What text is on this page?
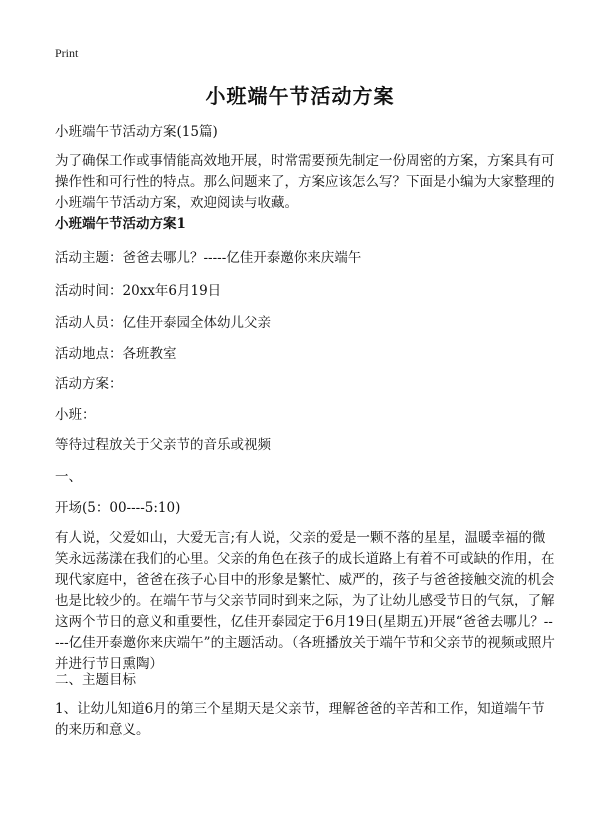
Print
小班端午节活动方案

小班端午节活动方案(15篇)

为了确保工作或事情能高效地开展，时常需要预先制定一份周密的方案，方案具有可操作性和可行性的特点。那么问题来了，方案应该怎么写？下面是小编为大家整理的小班端午节活动方案，欢迎阅读与收藏。

小班端午节活动方案1

活动主题：爸爸去哪儿？-----亿佳开泰邀你来庆端午

活动时间：20xx年6月19日

活动人员：亿佳开泰园全体幼儿父亲

活动地点：各班教室

活动方案：

小班：

等待过程放关于父亲节的音乐或视频

一、

开场(5：00----5:10)

有人说，父爱如山，大爱无言;有人说，父亲的爱是一颗不落的星星，温暖幸福的微笑永远荡漾在我们的心里。父亲的角色在孩子的成长道路上有着不可或缺的作用，在现代家庭中，爸爸在孩子心目中的形象是繁忙、威严的，孩子与爸爸接触交流的机会也是比较少的。在端午节与父亲节同时到来之际，为了让幼儿感受节日的气氛，了解这两个节日的意义和重要性，亿佳开泰园定于6月19日(星期五)开展“爸爸去哪儿？-----亿佳开泰邀你来庆端午”的主题活动。（各班播放关于端午节和父亲节的视频或照片并进行节日熏陶）

二、主题目标

1、让幼儿知道6月的第三个星期天是父亲节，理解爸爸的辛苦和工作，知道端午节的来历和意义。
